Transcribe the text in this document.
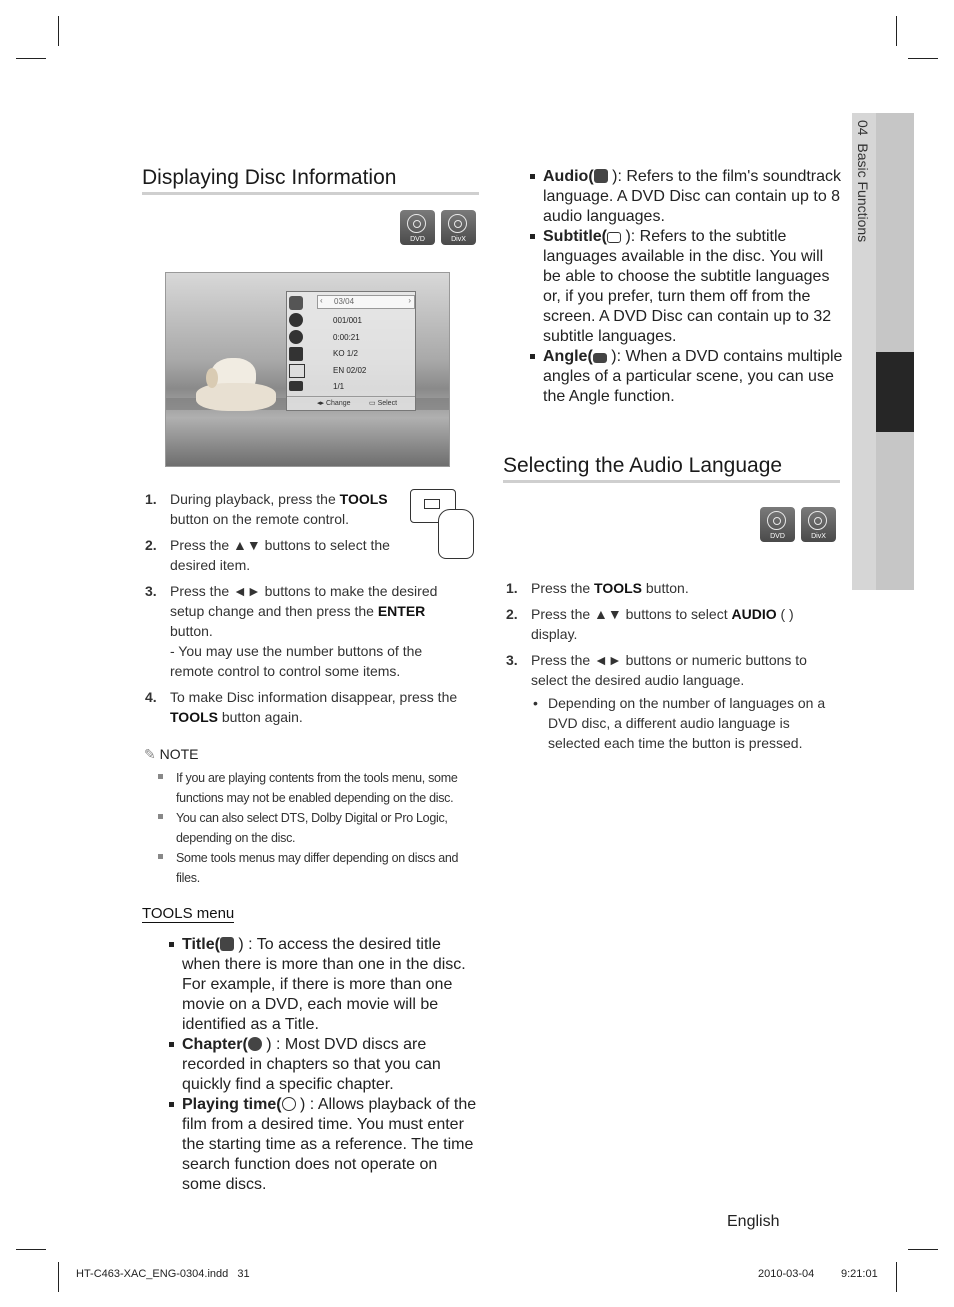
04  Basic Functions
Displaying Disc Information
DVD	DivX
‹ 03/04	›
001/001
0:00:21
KO 1/2
EN 02/02
1/1
◂▸ Change	▭ Select
1. During playback, press the TOOLS button on the remote control.
2. Press the ▲▼ buttons to select the desired item.
3. Press the ◄► buttons to make the desired setup change and then press the ENTER button.
- You may use the number buttons of the remote control to control some items.
4. To make Disc information disappear, press the TOOLS button again.
✎ NOTE
If you are playing contents from the tools menu, some functions may not be enabled depending on the disc.
You can also select DTS, Dolby Digital or Pro Logic, depending on the disc.
Some tools menus may differ depending on discs and files.
TOOLS menu
Title( ) : To access the desired title when there is more than one in the disc. For example, if there is more than one movie on a DVD, each movie will be identified as a Title.
Chapter( ) : Most DVD discs are recorded in chapters so that you can quickly find a specific chapter.
Playing time( ) : Allows playback of the film from a desired time. You must enter the starting time as a reference. The time search function does not operate on some discs.
Audio( ): Refers to the film's soundtrack language. A DVD Disc can contain up to 8 audio languages.
Subtitle( ): Refers to the subtitle languages available in the disc. You will be able to choose the subtitle languages or, if you prefer, turn them off from the screen. A DVD Disc can contain up to 32 subtitle languages.
Angle( ): When a DVD contains multiple angles of a particular scene, you can use the Angle function.
Selecting the Audio Language
DVD	DivX
1. Press the TOOLS button.
2. Press the ▲▼ buttons to select AUDIO ( ) display.
3. Press the ◄► buttons or numeric buttons to select the desired audio language.
• Depending on the number of languages on a DVD disc, a different audio language is selected each time the button is pressed.
English
HT-C463-XAC_ENG-0304.indd   31	2010-03-04 9:21:01
